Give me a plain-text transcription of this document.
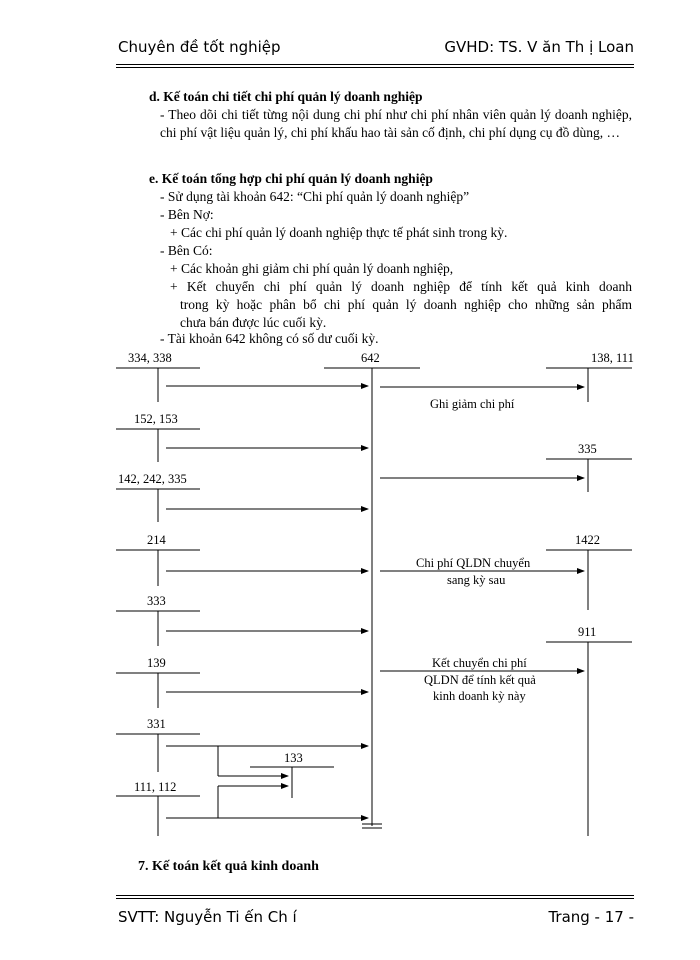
Chuyên đề tốt nghiệp	GVHD: TS. V ăn Th ị Loan
d. Kế toán chi tiết chi phí quản lý doanh nghiệp
- Theo dõi chi tiết từng nội dung chi phí như chi phí nhân viên quản lý doanh nghiệp, chi phí vật liệu quản lý, chi phí khấu hao tài sản cố định, chi phí dụng cụ đồ dùng, …
e. Kế toán tổng hợp chi phí quản lý doanh nghiệp
- Sử dụng tài khoản 642: “Chi phí quản lý doanh nghiệp”
- Bên Nợ:
+ Các chi phí quản lý doanh nghiệp thực tế phát sinh trong kỳ.
- Bên Có:
+ Các khoản ghi giảm chi phí quản lý doanh nghiệp,
+ Kết chuyển chi phí quản lý doanh nghiệp để tính kết quả kinh doanh
trong kỳ hoặc phân bổ chi phí quản lý doanh nghiệp cho những sản phẩm
chưa bán được lúc cuối kỳ.
- Tài khoản 642 không có số dư cuối kỳ.
642
334, 338
152, 153
142, 242, 335
214
333
139
331
133
111, 112
138, 111
Ghi giảm chi phí
335
1422
Chi phí QLDN chuyển
sang kỳ sau
911
Kết chuyển chi phí
QLDN để tính kết quả
kinh doanh kỳ này
7. Kế toán kết quả kinh doanh
SVTT: Nguyễn Ti ến Ch í	Trang - 17 -
